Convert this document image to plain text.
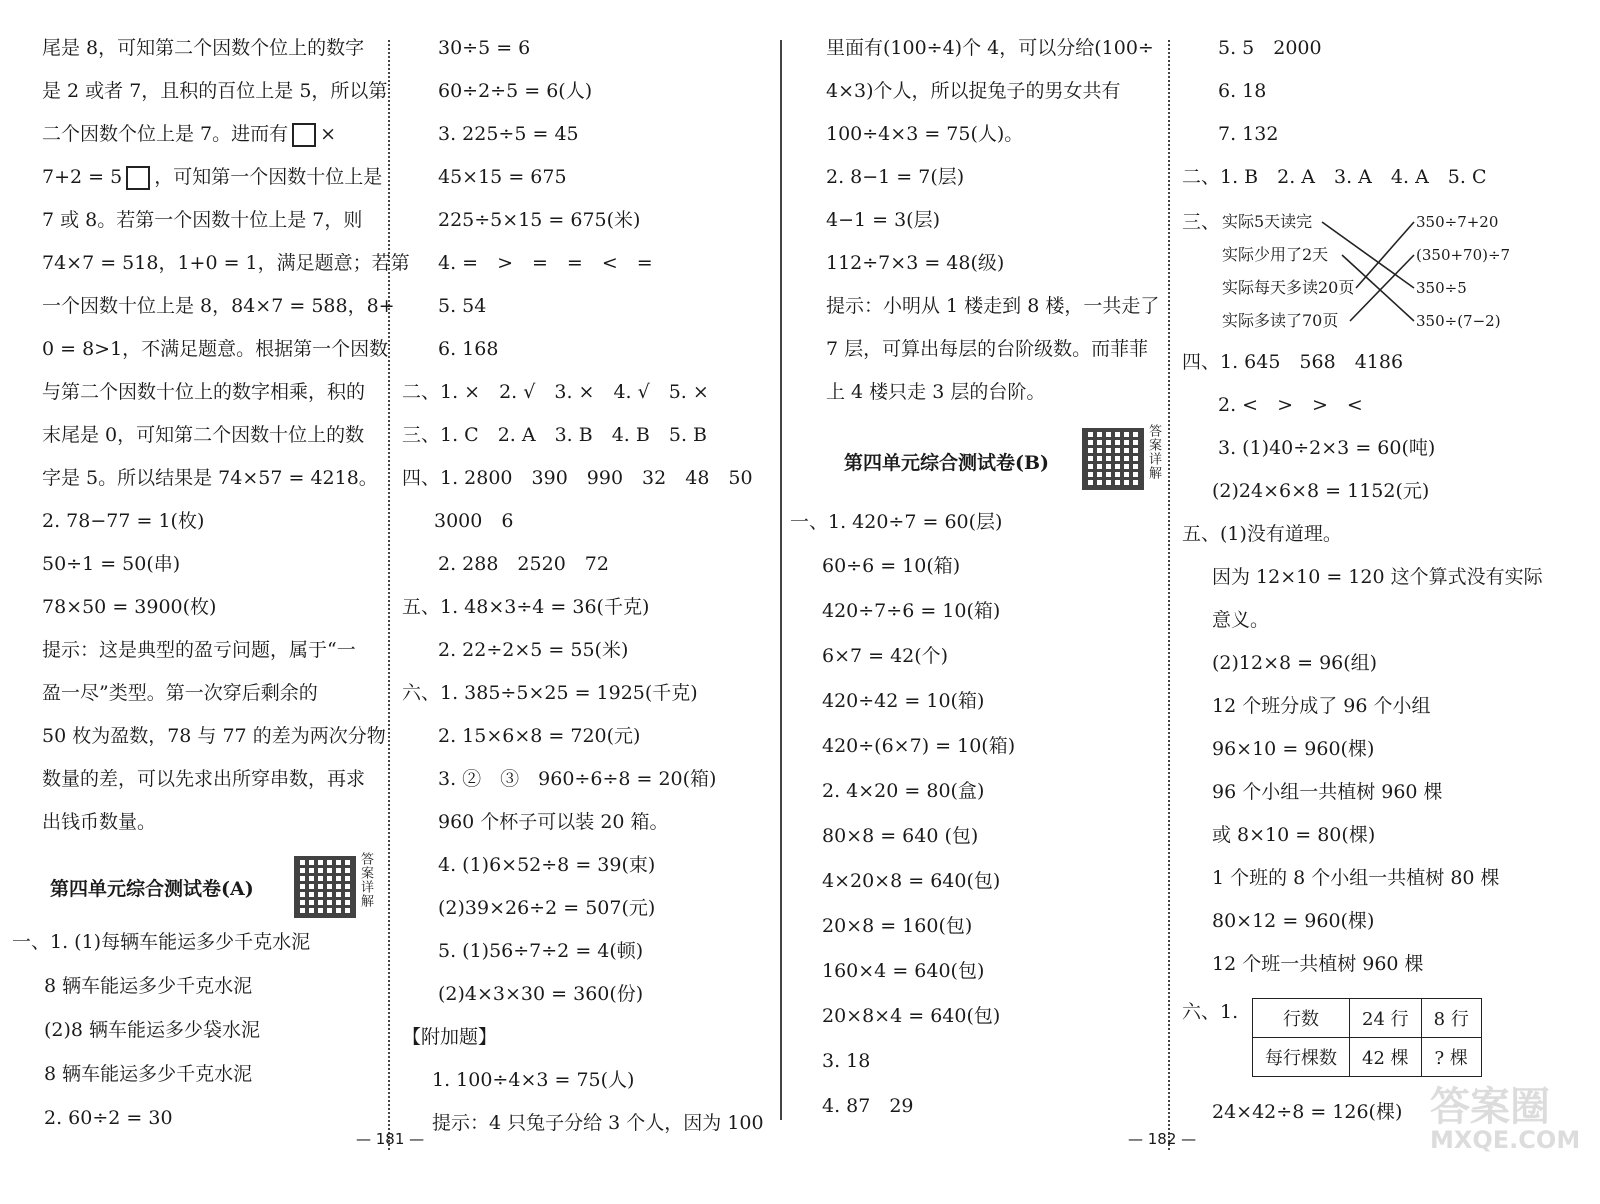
尾是 8，可知第二个因数个位上的数字
是 2 或者 7，且积的百位上是 5，所以第
二个因数个位上是 7。进而有 ×
7+2 = 5 ，可知第一个因数十位上是
7 或 8。若第一个因数十位上是 7，则
74×7 = 518，1+0 = 1，满足题意；若第
一个因数十位上是 8，84×7 = 588，8+
0 = 8>1，不满足题意。根据第一个因数
与第二个因数十位上的数字相乘，积的
末尾是 0，可知第二个因数十位上的数
字是 5。所以结果是 74×57 = 4218。
2. 78−77 = 1(枚)
50÷1 = 50(串)
78×50 = 3900(枚)
提示：这是典型的盈亏问题，属于“一
盈一尽”类型。第一次穿后剩余的
50 枚为盈数，78 与 77 的差为两次分物
数量的差，可以先求出所穿串数，再求
出钱币数量。
第四单元综合测试卷(A)	答案详解
一、1. (1)每辆车能运多少千克水泥
8 辆车能运多少千克水泥
(2)8 辆车能运多少袋水泥
8 辆车能运多少千克水泥
2. 60÷2 = 30
30÷5 = 6
60÷2÷5 = 6(人)
3. 225÷5 = 45
45×15 = 675
225÷5×15 = 675(米)
4. =　>　=　=　<　=
5. 54
6. 168
二、1. ×　2. √　3. ×　4. √　5. ×
三、1. C　2. A　3. B　4. B　5. B
四、1. 2800　390　990　32　48　50
3000　6
2. 288　2520　72
五、1. 48×3÷4 = 36(千克)
2. 22÷2×5 = 55(米)
六、1. 385÷5×25 = 1925(千克)
2. 15×6×8 = 720(元)
3. ②　③　960÷6÷8 = 20(箱)
960 个杯子可以装 20 箱。
4. (1)6×52÷8 = 39(束)
(2)39×26÷2 = 507(元)
5. (1)56÷7÷2 = 4(顿)
(2)4×3×30 = 360(份)
【附加题】
1. 100÷4×3 = 75(人)
提示：4 只兔子分给 3 个人，因为 100
里面有(100÷4)个 4，可以分给(100÷
4×3)个人，所以捉兔子的男女共有
100÷4×3 = 75(人)。
2. 8−1 = 7(层)
4−1 = 3(层)
112÷7×3 = 48(级)
提示：小明从 1 楼走到 8 楼，一共走了
7 层，可算出每层的台阶级数。而菲菲
上 4 楼只走 3 层的台阶。
第四单元综合测试卷(B)	答案详解
一、1. 420÷7 = 60(层)
60÷6 = 10(箱)
420÷7÷6 = 10(箱)
6×7 = 42(个)
420÷42 = 10(箱)
420÷(6×7) = 10(箱)
2. 4×20 = 80(盒)
80×8 = 640 (包)
4×20×8 = 640(包)
20×8 = 160(包)
160×4 = 640(包)
20×8×4 = 640(包)
3. 18
4. 87　29
5. 5　2000
6. 18
7. 132
二、1. B　2. A　3. A　4. A　5. C
三、 实际5天读完
实际少用了2天
实际每天多读20页
实际多读了70页
350÷7+20
(350+70)÷7
350÷5
350÷(7−2)
四、1. 645　568　4186
2. <　>　>　<
3. (1)40÷2×3 = 60(吨)
(2)24×6×8 = 1152(元)
五、(1)没有道理。
因为 12×10 = 120 这个算式没有实际
意义。
(2)12×8 = 96(组)
12 个班分成了 96 个小组
96×10 = 960(棵)
96 个小组一共植树 960 棵
或 8×10 = 80(棵)
1 个班的 8 个小组一共植树 80 棵
80×12 = 960(棵)
12 个班一共植树 960 棵
六、1. 行数	24 行	8 行
每行棵数	42 棵	? 棵
24×42÷8 = 126(棵)
— 181 —	— 182 —
答案圈
MXQE.COM
